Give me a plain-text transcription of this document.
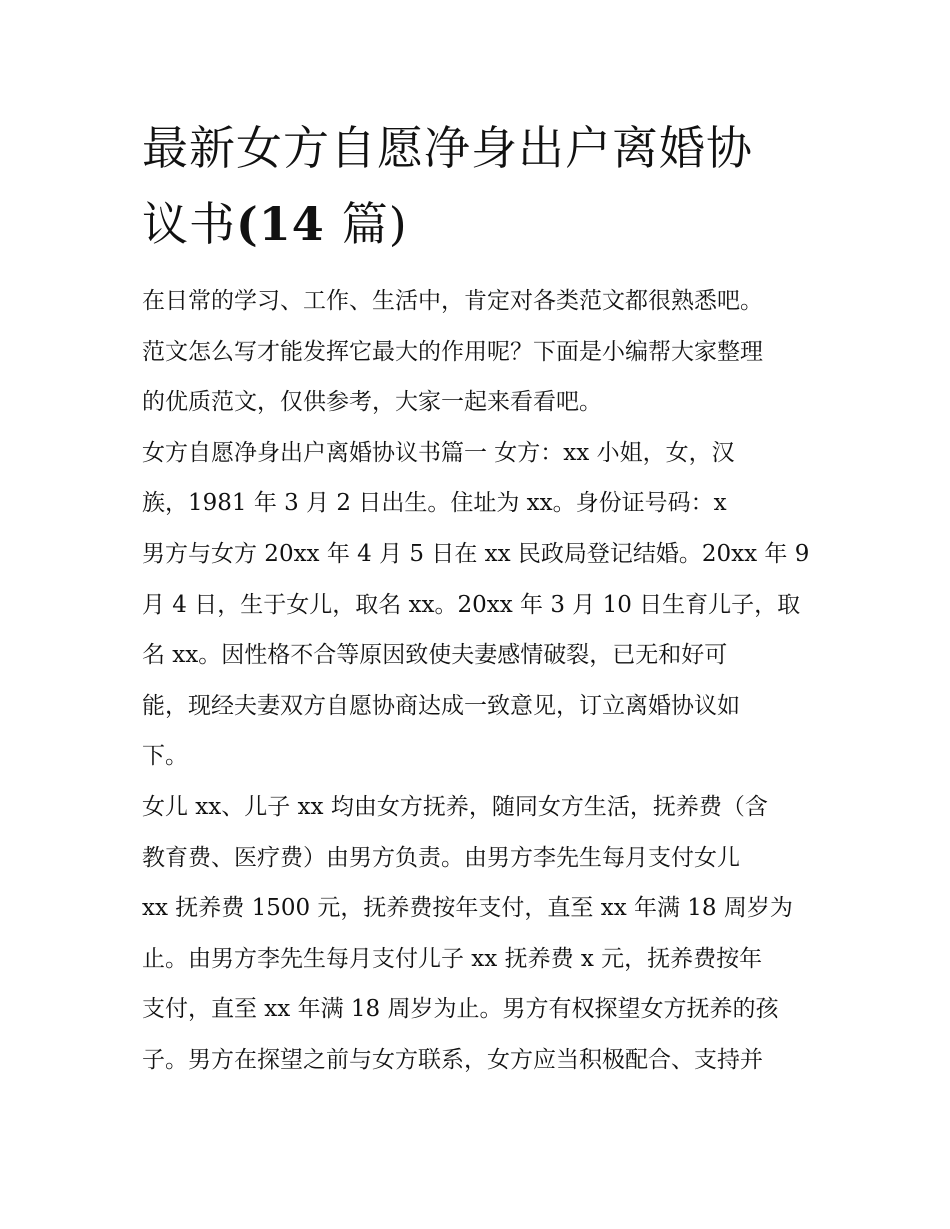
最新女方自愿净身出户离婚协
议书(14 篇)

在日常的学习、工作、生活中，肯定对各类范文都很熟悉吧。

范文怎么写才能发挥它最大的作用呢？下面是小编帮大家整理

的优质范文，仅供参考，大家一起来看看吧。

女方自愿净身出户离婚协议书篇一 女方：xx 小姐，女，汉

族，1981 年 3 月 2 日出生。住址为 xx。身份证号码：x

男方与女方 20xx 年 4 月 5 日在 xx 民政局登记结婚。20xx 年 9

月 4 日，生于女儿，取名 xx。20xx 年 3 月 10 日生育儿子，取

名 xx。因性格不合等原因致使夫妻感情破裂，已无和好可

能，现经夫妻双方自愿协商达成一致意见，订立离婚协议如

下。

女儿 xx、儿子 xx 均由女方抚养，随同女方生活，抚养费（含

教育费、医疗费）由男方负责。由男方李先生每月支付女儿

xx 抚养费 1500 元，抚养费按年支付，直至 xx 年满 18 周岁为

止。由男方李先生每月支付儿子 xx 抚养费 x 元，抚养费按年

支付，直至 xx 年满 18 周岁为止。男方有权探望女方抚养的孩

子。男方在探望之前与女方联系，女方应当积极配合、支持并
